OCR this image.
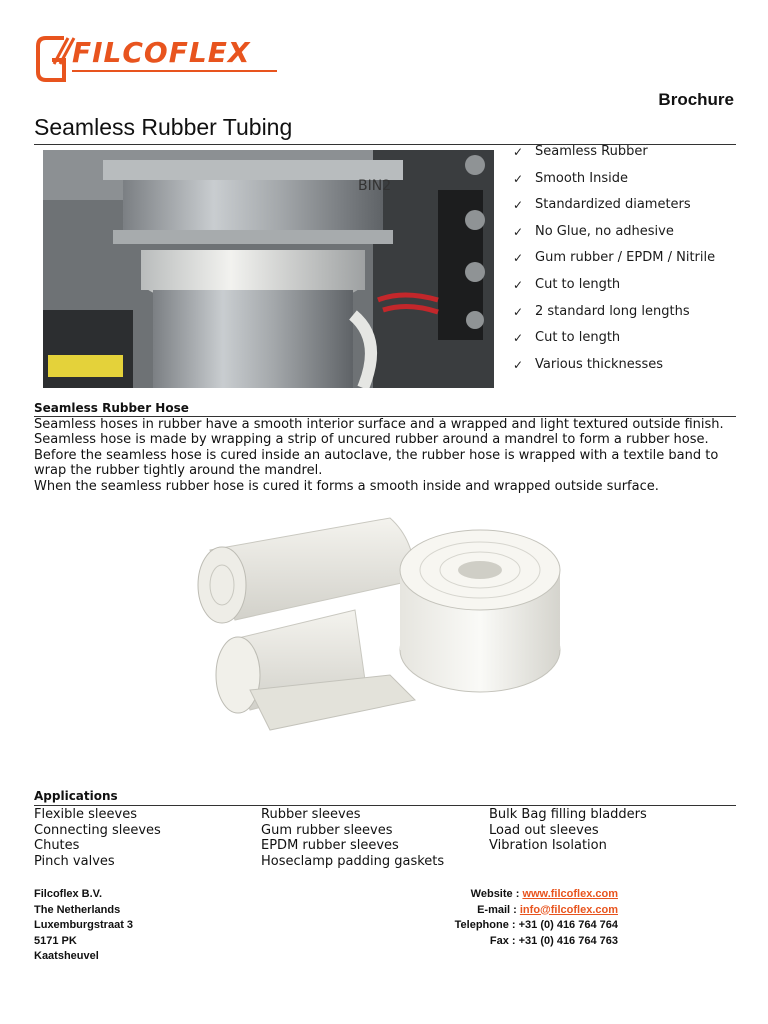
FILCOFLEX
Brochure
Seamless Rubber Tubing
BIN2
✓ Seamless Rubber
✓ Smooth Inside
✓ Standardized diameters
✓ No Glue, no adhesive
✓ Gum rubber / EPDM / Nitrile
✓ Cut to length
✓ 2 standard long lengths
✓ Cut to length
✓ Various thicknesses
Seamless Rubber Hose

Seamless hoses in rubber have a smooth interior surface and a wrapped and light textured outside finish.

Seamless hose is made by wrapping a strip of uncured rubber around a mandrel to form a rubber hose.

Before the seamless hose is cured inside an autoclave, the rubber hose is wrapped with a textile band to wrap the rubber tightly around the mandrel.

When the seamless rubber hose is cured it forms a smooth inside and wrapped outside surface.

Applications
Flexible sleeves
Connecting sleeves
Chutes
Pinch valves
Rubber sleeves
Gum rubber sleeves
EPDM rubber sleeves
Hoseclamp padding gaskets
Bulk Bag filling bladders
Load out sleeves
Vibration Isolation
Filcoflex B.V.
The Netherlands
Luxemburgstraat 3
5171 PK
Kaatsheuvel
Website : www.filcoflex.com
E-mail : info@filcoflex.com
Telephone : +31 (0) 416 764 764
Fax : +31 (0) 416 764 763
